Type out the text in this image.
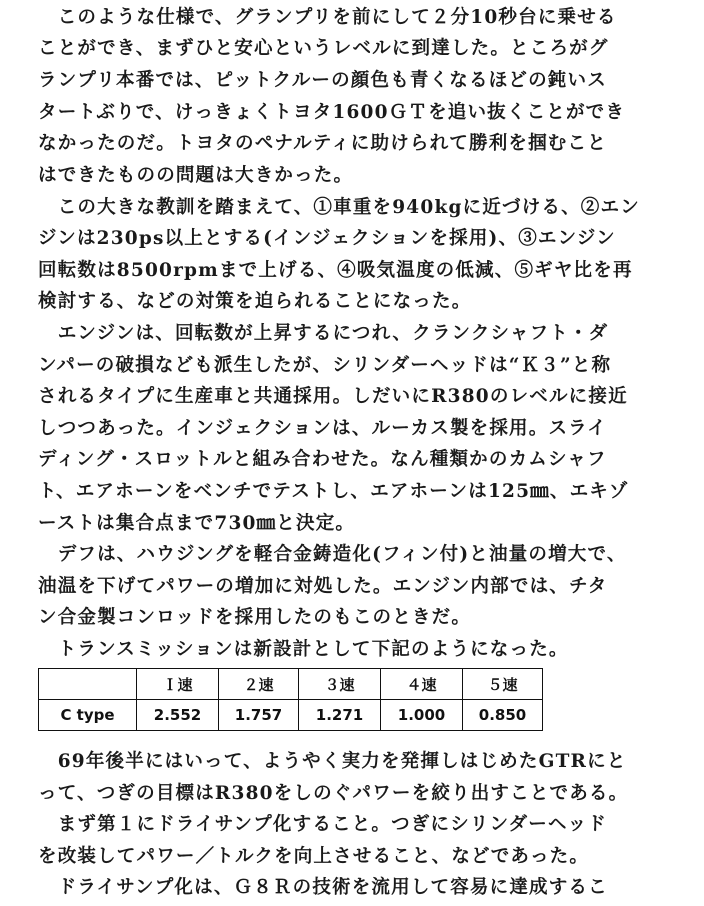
　このような仕様で、グランプリを前にして２分10秒台に乗せる
ことができ、まずひと安心というレベルに到達した。ところがグ
ランプリ本番では、ピットクルーの顔色も青くなるほどの鈍いス
タートぶりで、けっきょくトヨタ1600ＧＴを追い抜くことができ
なかったのだ。トヨタのペナルティに助けられて勝利を掴むこと
はできたものの問題は大きかった。
　この大きな教訓を踏まえて、①車重を940kgに近づける、②エン
ジンは230ps以上とする(インジェクションを採用)、③エンジン
回転数は8500rpmまで上げる、④吸気温度の低減、⑤ギヤ比を再
検討する、などの対策を迫られることになった。
　エンジンは、回転数が上昇するにつれ、クランクシャフト・ダ
ンパーの破損なども派生したが、シリンダーヘッドは“Ｋ３”と称
されるタイプに生産車と共通採用。しだいにR380のレベルに接近
しつつあった。インジェクションは、ルーカス製を採用。スライ
ディング・スロットルと組み合わせた。なん種類かのカムシャフ
ト、エアホーンをベンチでテストし、エアホーンは125㎜、エキゾ
ーストは集合点まで730㎜と決定。
　デフは、ハウジングを軽合金鋳造化(フィン付)と油量の増大で、
油温を下げてパワーの増加に対処した。エンジン内部では、チタ
ン合金製コンロッドを採用したのもこのときだ。
　トランスミッションは新設計として下記のようになった。
	Ｉ速	２速	３速	４速	５速
C type	2.552	1.757	1.271	1.000	0.850
　69年後半にはいって、ようやく実力を発揮しはじめたGTRにと
って、つぎの目標はR380をしのぐパワーを絞り出すことである。
　まず第１にドライサンプ化すること。つぎにシリンダーヘッド
を改装してパワー／トルクを向上させること、などであった。
　ドライサンプ化は、Ｇ８Ｒの技術を流用して容易に達成するこ
